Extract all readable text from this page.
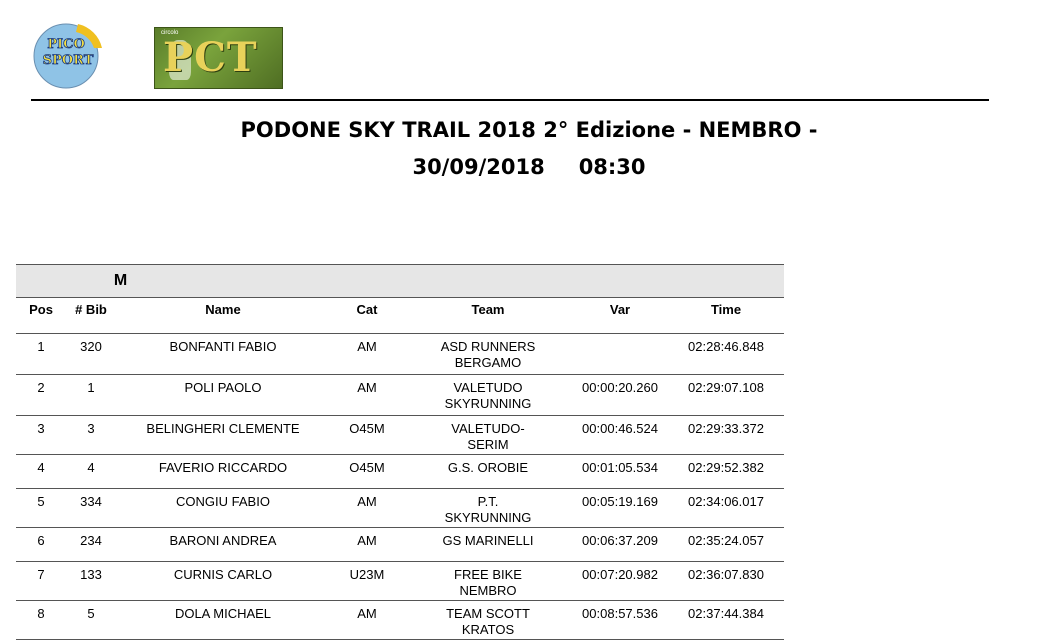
PICO
SPORT
circolo
PCT
PODONE SKY TRAIL 2018 2° Edizione - NEMBRO -
30/09/2018 08:30
M						
Pos	# Bib	Name	Cat	Team	Var	Time
1	320	BONFANTI FABIO	AM	ASD RUNNERS BERGAMO		02:28:46.848
2	1	POLI PAOLO	AM	VALETUDO SKYRUNNING	00:00:20.260	02:29:07.108
3	3	BELINGHERI CLEMENTE	O45M	VALETUDO-SERIM	00:00:46.524	02:29:33.372
4	4	FAVERIO RICCARDO	O45M	G.S. OROBIE	00:01:05.534	02:29:52.382
5	334	CONGIU FABIO	AM	P.T. SKYRUNNING	00:05:19.169	02:34:06.017
6	234	BARONI ANDREA	AM	GS MARINELLI	00:06:37.209	02:35:24.057
7	133	CURNIS CARLO	U23M	FREE BIKE NEMBRO	00:07:20.982	02:36:07.830
8	5	DOLA MICHAEL	AM	TEAM SCOTT KRATOS	00:08:57.536	02:37:44.384
